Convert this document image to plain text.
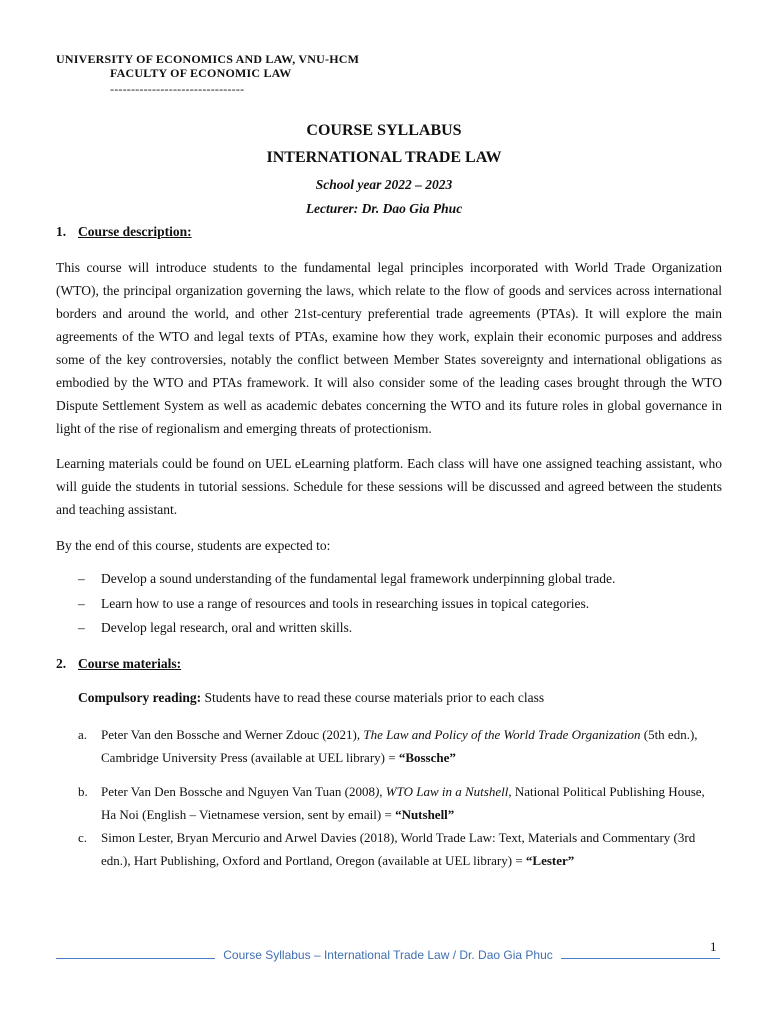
UNIVERSITY OF ECONOMICS AND LAW, VNU-HCM
FACULTY OF ECONOMIC LAW
--------------------------------
COURSE SYLLABUS
INTERNATIONAL TRADE LAW
School year 2022 – 2023
Lecturer: Dr. Dao Gia Phuc
1. Course description:
This course will introduce students to the fundamental legal principles incorporated with World Trade Organization (WTO), the principal organization governing the laws, which relate to the flow of goods and services across international borders and around the world, and other 21st-century preferential trade agreements (PTAs). It will explore the main agreements of the WTO and legal texts of PTAs, examine how they work, explain their economic purposes and address some of the key controversies, notably the conflict between Member States sovereignty and international obligations as embodied by the WTO and PTAs framework. It will also consider some of the leading cases brought through the WTO Dispute Settlement System as well as academic debates concerning the WTO and its future roles in global governance in light of the rise of regionalism and emerging threats of protectionism.
Learning materials could be found on UEL eLearning platform. Each class will have one assigned teaching assistant, who will guide the students in tutorial sessions. Schedule for these sessions will be discussed and agreed between the students and teaching assistant.
By the end of this course, students are expected to:
– Develop a sound understanding of the fundamental legal framework underpinning global trade.
– Learn how to use a range of resources and tools in researching issues in topical categories.
– Develop legal research, oral and written skills.
2. Course materials:
Compulsory reading: Students have to read these course materials prior to each class
a. Peter Van den Bossche and Werner Zdouc (2021), The Law and Policy of the World Trade Organization (5th edn.), Cambridge University Press (available at UEL library) = “Bossche”
b. Peter Van Den Bossche and Nguyen Van Tuan (2008), WTO Law in a Nutshell, National Political Publishing House, Ha Noi (English – Vietnamese version, sent by email) = “Nutshell”
c. Simon Lester, Bryan Mercurio and Arwel Davies (2018), World Trade Law: Text, Materials and Commentary (3rd edn.), Hart Publishing, Oxford and Portland, Oregon (available at UEL library) = “Lester”
1
Course Syllabus – International Trade Law / Dr. Dao Gia Phuc
